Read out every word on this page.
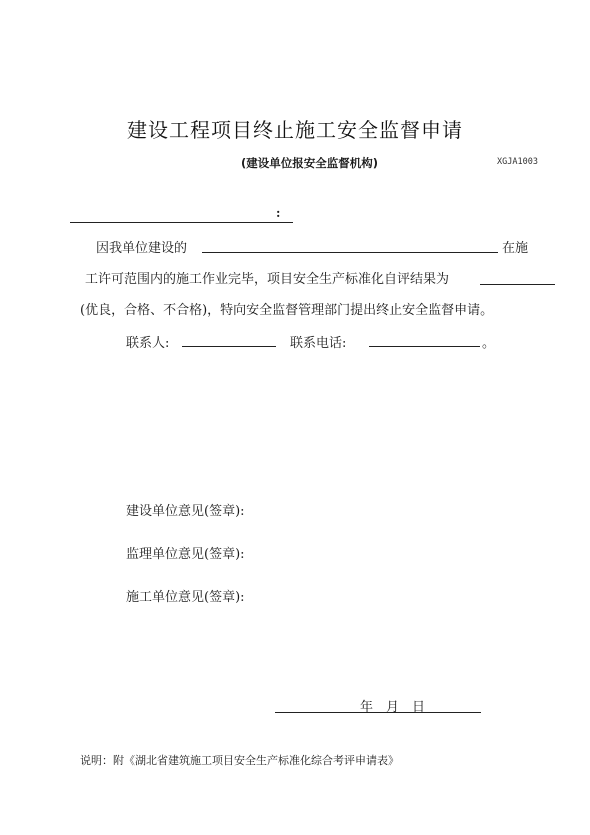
建设工程项目终止施工安全监督申请
(建设单位报安全监督机构)	XGJA1003
:
因我单位建设的	在施
工许可范围内的施工作业完毕，项目安全生产标准化自评结果为
(优良，合格、不合格)，特向安全监督管理部门提出终止安全监督申请。
联系人:	联系电话:	。
建设单位意见(签章):
监理单位意见(签章):
施工单位意见(签章):
年　月　日
说明：附《湖北省建筑施工项目安全生产标准化综合考评申请表》
